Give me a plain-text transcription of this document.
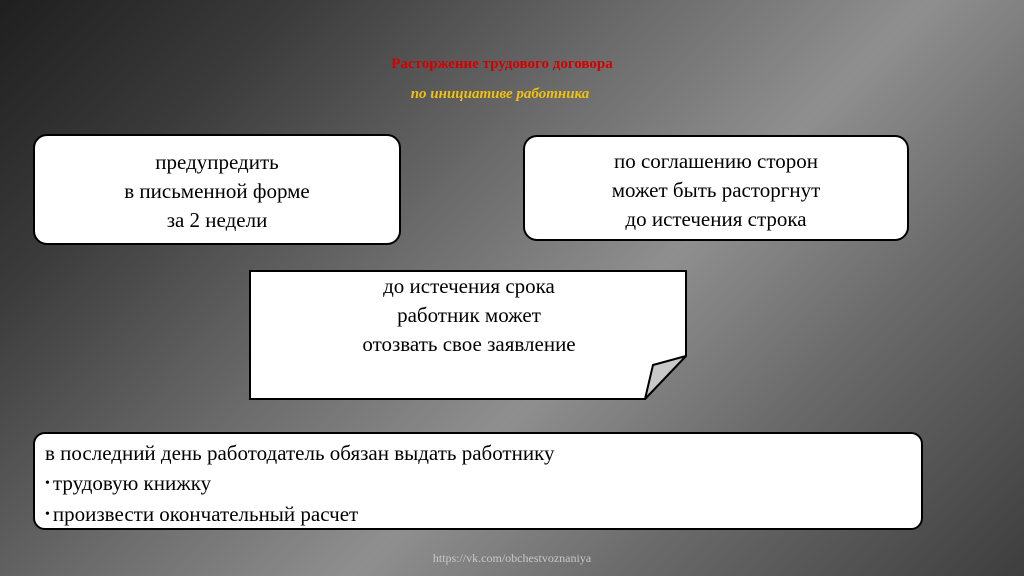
Расторжение трудового договора
по инициативе работника
предупредить
в письменной форме
за 2 недели
по соглашению сторон
может быть расторгнут
до истечения строка
до истечения срока
работник может
отозвать свое заявление
в последний день работодатель обязан выдать работнику
• трудовую книжку
• произвести окончательный расчет
https://vk.com/obchestvoznaniya
